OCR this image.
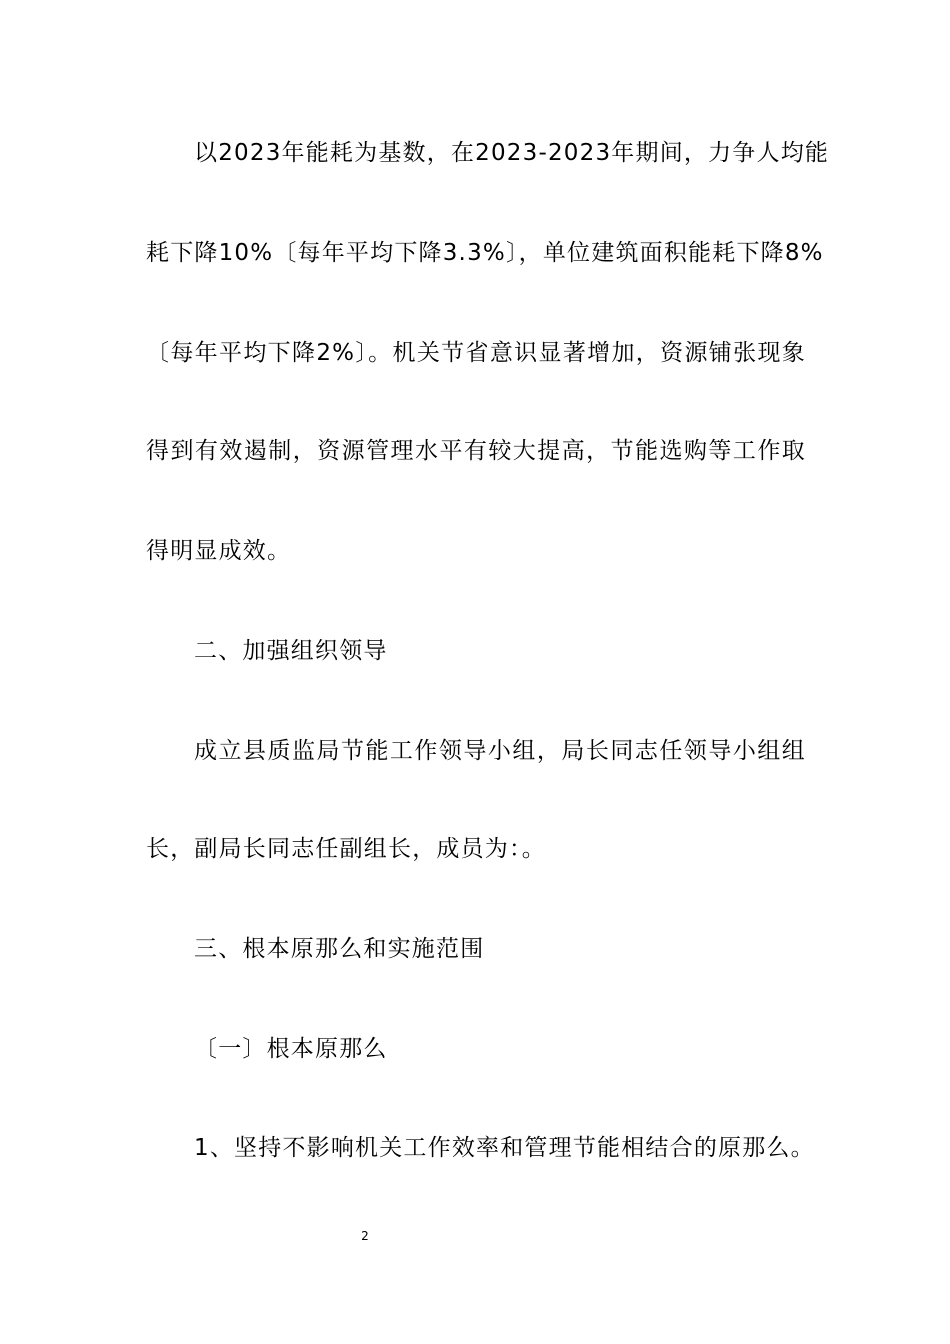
以2023年能耗为基数，在2023-2023年期间，力争人均能
耗下降10%〔每年平均下降3.3%〕，单位建筑面积能耗下降8%
〔每年平均下降2%〕。机关节省意识显著增加，资源铺张现象
得到有效遏制，资源管理水平有较大提高，节能选购等工作取
得明显成效。
二、加强组织领导
成立县质监局节能工作领导小组，局长同志任领导小组组
长，副局长同志任副组长，成员为：。
三、根本原那么和实施范围
〔一〕根本原那么
1、坚持不影响机关工作效率和管理节能相结合的原那么。
2
